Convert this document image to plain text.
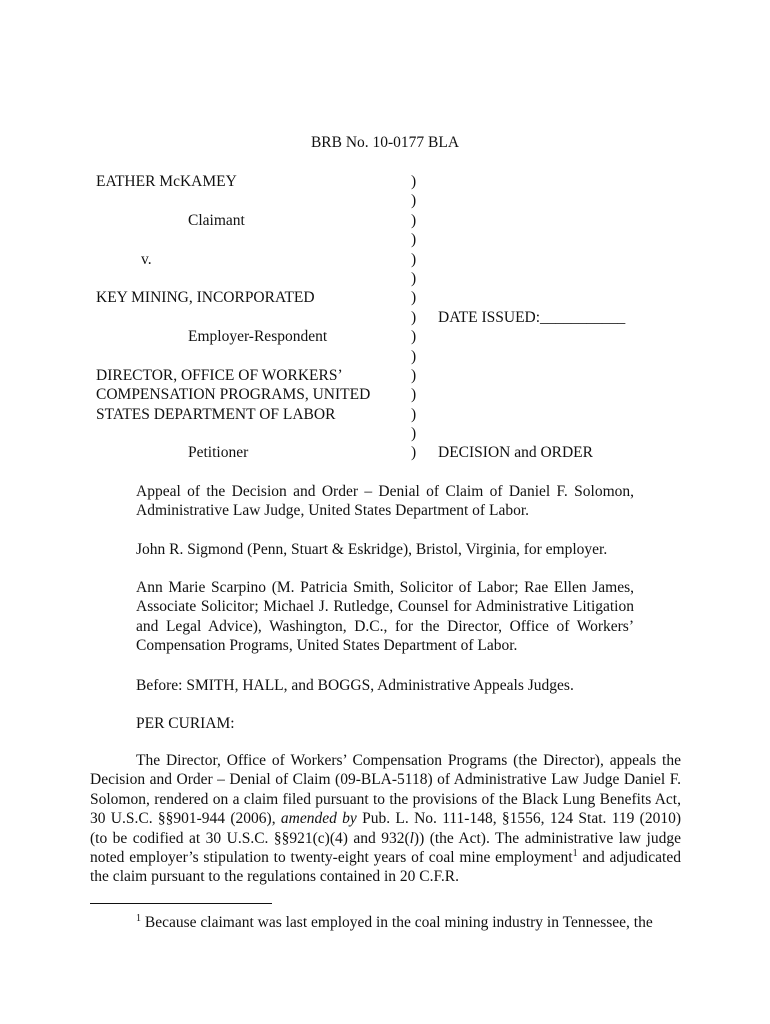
BRB No. 10-0177 BLA
EATHER McKAMEY
Claimant
v.
KEY MINING, INCORPORATED
Employer-Respondent
DIRECTOR, OFFICE OF WORKERS’
COMPENSATION PROGRAMS, UNITED
STATES DEPARTMENT OF LABOR
Petitioner
)
)
)
)
)
)
)
)
)
)
)
)
)
)
)
DATE ISSUED:___________
DECISION and ORDER
Appeal of the Decision and Order – Denial of Claim of Daniel F. Solomon, Administrative Law Judge, United States Department of Labor.
John R. Sigmond (Penn, Stuart & Eskridge), Bristol, Virginia, for employer.
Ann Marie Scarpino (M. Patricia Smith, Solicitor of Labor; Rae Ellen James, Associate Solicitor; Michael J. Rutledge, Counsel for Administrative Litigation and Legal Advice), Washington, D.C., for the Director, Office of Workers’ Compensation Programs, United States Department of Labor.
Before: SMITH, HALL, and BOGGS, Administrative Appeals Judges.
PER CURIAM:
The Director, Office of Workers’ Compensation Programs (the Director), appeals the Decision and Order – Denial of Claim (09-BLA-5118) of Administrative Law Judge Daniel F. Solomon, rendered on a claim filed pursuant to the provisions of the Black Lung Benefits Act, 30 U.S.C. §§901-944 (2006), amended by Pub. L. No. 111-148, §1556, 124 Stat. 119 (2010) (to be codified at 30 U.S.C. §§921(c)(4) and 932(l)) (the Act). The administrative law judge noted employer’s stipulation to twenty-eight years of coal mine employment$^1$ and adjudicated the claim pursuant to the regulations contained in 20 C.F.R.
$^1$ Because claimant was last employed in the coal mining industry in Tennessee, the
